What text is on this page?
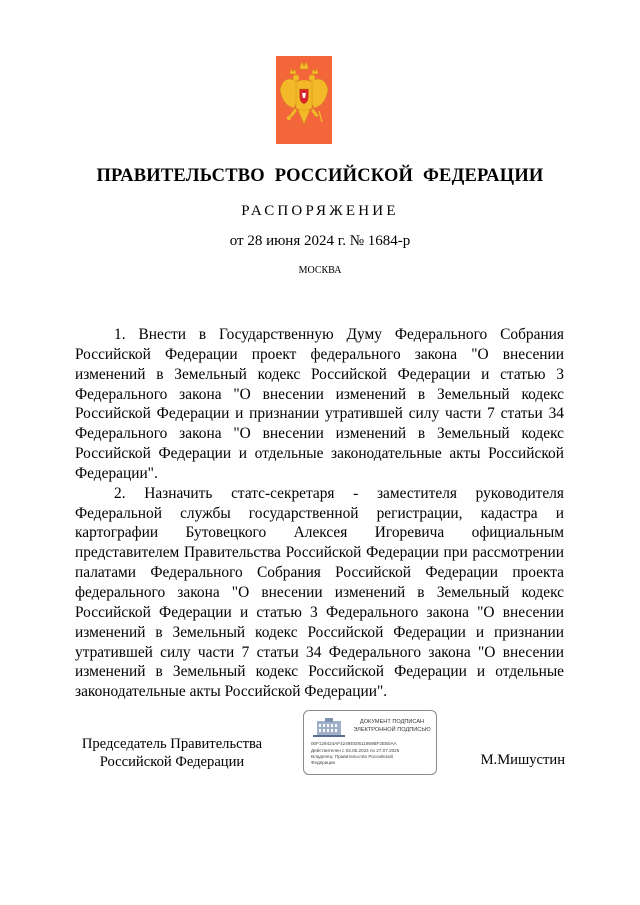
ПРАВИТЕЛЬСТВО РОССИЙСКОЙ ФЕДЕРАЦИИ
РАСПОРЯЖЕНИЕ
от 28 июня 2024 г. № 1684-р
МОСКВА

1. Внести в Государственную Думу Федерального Собрания Российской Федерации проект федерального закона "О внесении изменений в Земельный кодекс Российской Федерации и статью 3 Федерального закона "О внесении изменений в Земельный кодекс Российской Федерации и признании утратившей силу части 7 статьи 34 Федерального закона "О внесении изменений в Земельный кодекс Российской Федерации и отдельные законодательные акты Российской Федерации".

2. Назначить статс-секретаря - заместителя руководителя Федеральной службы государственной регистрации, кадастра и картографии Бутовецкого Алексея Игоревича официальным представителем Правительства Российской Федерации при рассмотрении палатами Федерального Собрания Российской Федерации проекта федерального закона "О внесении изменений в Земельный кодекс Российской Федерации и статью 3 Федерального закона "О внесении изменений в Земельный кодекс Российской Федерации и признании утратившей силу части 7 статьи 34 Федерального закона "О внесении изменений в Земельный кодекс Российской Федерации и отдельные законодательные акты Российской Федерации".

Председатель Правительства Российской Федерации
ДОКУМЕНТ ПОДПИСАН ЭЛЕКТРОННОЙ ПОДПИСЬЮ
00F129424AF4249E50611869BF2EB0AA
Действителен с 03.05.2024 по 27.07.2025
Владелец: Правительство Российской
Федерации	М.Мишустин
